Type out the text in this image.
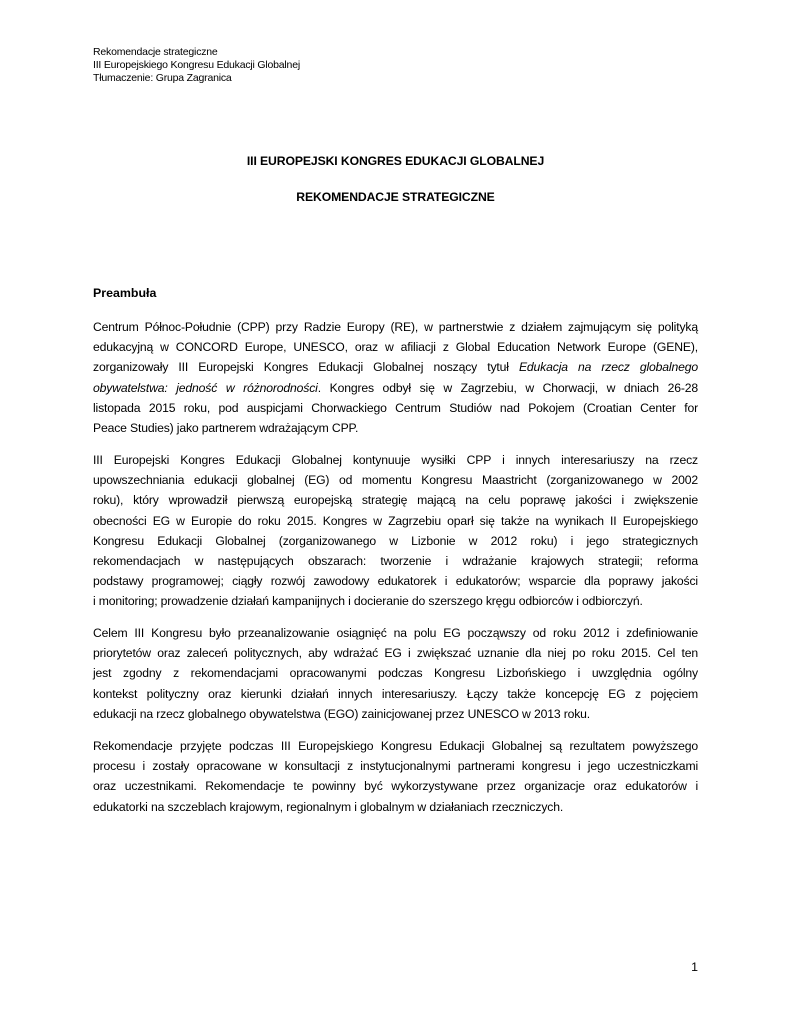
Rekomendacje strategiczne
III Europejskiego Kongresu Edukacji Globalnej
Tłumaczenie: Grupa Zagranica
III EUROPEJSKI KONGRES EDUKACJI GLOBALNEJ
REKOMENDACJE STRATEGICZNE
Preambuła
Centrum Północ-Południe (CPP) przy Radzie Europy (RE), w partnerstwie z działem zajmującym się polityką
edukacyjną w CONCORD Europe, UNESCO, oraz w afiliacji z Global Education Network Europe (GENE),
zorganizowały III Europejski Kongres Edukacji Globalnej noszący tytuł Edukacja na rzecz globalnego
obywatelstwa: jedność w różnorodności. Kongres odbył się w Zagrzebiu, w Chorwacji, w dniach 26-28
listopada 2015 roku, pod auspicjami Chorwackiego Centrum Studiów nad Pokojem (Croatian Center for
Peace Studies) jako partnerem wdrażającym CPP.
III Europejski Kongres Edukacji Globalnej kontynuuje wysiłki CPP i innych interesariuszy na rzecz
upowszechniania edukacji globalnej (EG) od momentu Kongresu Maastricht (zorganizowanego w 2002
roku), który wprowadził pierwszą europejską strategię mającą na celu poprawę jakości i zwiększenie
obecności EG w Europie do roku 2015. Kongres w Zagrzebiu oparł się także na wynikach II Europejskiego
Kongresu Edukacji Globalnej (zorganizowanego w Lizbonie w 2012 roku) i jego strategicznych
rekomendacjach w następujących obszarach: tworzenie i wdrażanie krajowych strategii; reforma
podstawy programowej; ciągły rozwój zawodowy edukatorek i edukatorów; wsparcie dla poprawy jakości
i monitoring; prowadzenie działań kampanijnych i docieranie do szerszego kręgu odbiorców i odbiorczyń.
Celem III Kongresu było przeanalizowanie osiągnięć na polu EG począwszy od roku 2012 i zdefiniowanie
priorytetów oraz zaleceń politycznych, aby wdrażać EG i zwiększać uznanie dla niej po roku 2015. Cel ten
jest zgodny z rekomendacjami opracowanymi podczas Kongresu Lizbońskiego i uwzględnia ogólny
kontekst polityczny oraz kierunki działań innych interesariuszy. Łączy także koncepcję EG z pojęciem
edukacji na rzecz globalnego obywatelstwa (EGO) zainicjowanej przez UNESCO w 2013 roku.
Rekomendacje przyjęte podczas III Europejskiego Kongresu Edukacji Globalnej są rezultatem powyższego
procesu i zostały opracowane w konsultacji z instytucjonalnymi partnerami kongresu i jego uczestniczkami
oraz uczestnikami. Rekomendacje te powinny być wykorzystywane przez organizacje oraz edukatorów i
edukatorki na szczeblach krajowym, regionalnym i globalnym w działaniach rzeczniczych.
1
